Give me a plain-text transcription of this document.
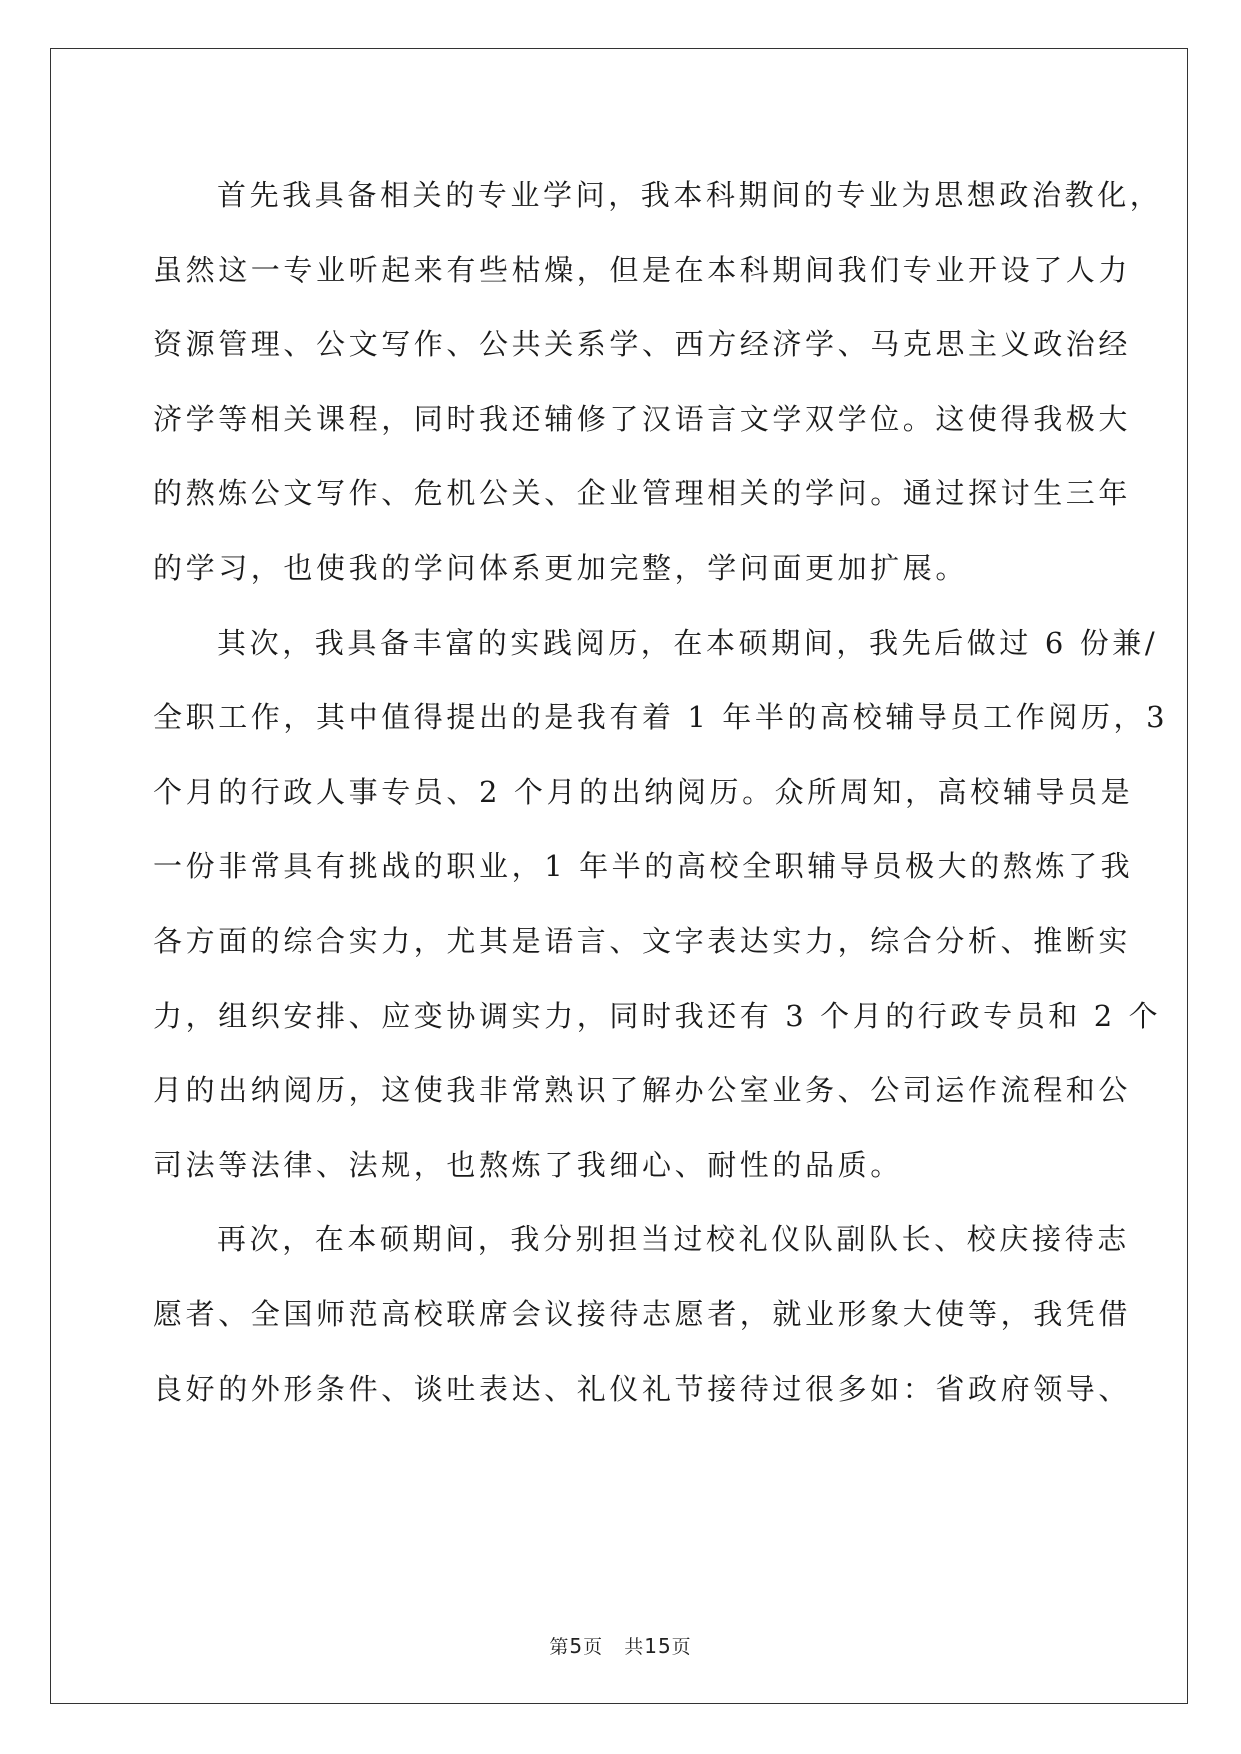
首先我具备相关的专业学问，我本科期间的专业为思想政治教化，
虽然这一专业听起来有些枯燥，但是在本科期间我们专业开设了人力
资源管理、公文写作、公共关系学、西方经济学、马克思主义政治经
济学等相关课程，同时我还辅修了汉语言文学双学位。这使得我极大
的熬炼公文写作、危机公关、企业管理相关的学问。通过探讨生三年
的学习，也使我的学问体系更加完整，学问面更加扩展。
其次，我具备丰富的实践阅历，在本硕期间，我先后做过 6 份兼/
全职工作，其中值得提出的是我有着 1 年半的高校辅导员工作阅历，3
个月的行政人事专员、2 个月的出纳阅历。众所周知，高校辅导员是
一份非常具有挑战的职业，1 年半的高校全职辅导员极大的熬炼了我
各方面的综合实力，尤其是语言、文字表达实力，综合分析、推断实
力，组织安排、应变协调实力，同时我还有 3 个月的行政专员和 2 个
月的出纳阅历，这使我非常熟识了解办公室业务、公司运作流程和公
司法等法律、法规，也熬炼了我细心、耐性的品质。
再次，在本硕期间，我分别担当过校礼仪队副队长、校庆接待志
愿者、全国师范高校联席会议接待志愿者，就业形象大使等，我凭借
良好的外形条件、谈吐表达、礼仪礼节接待过很多如：省政府领导、
第5页 共15页
